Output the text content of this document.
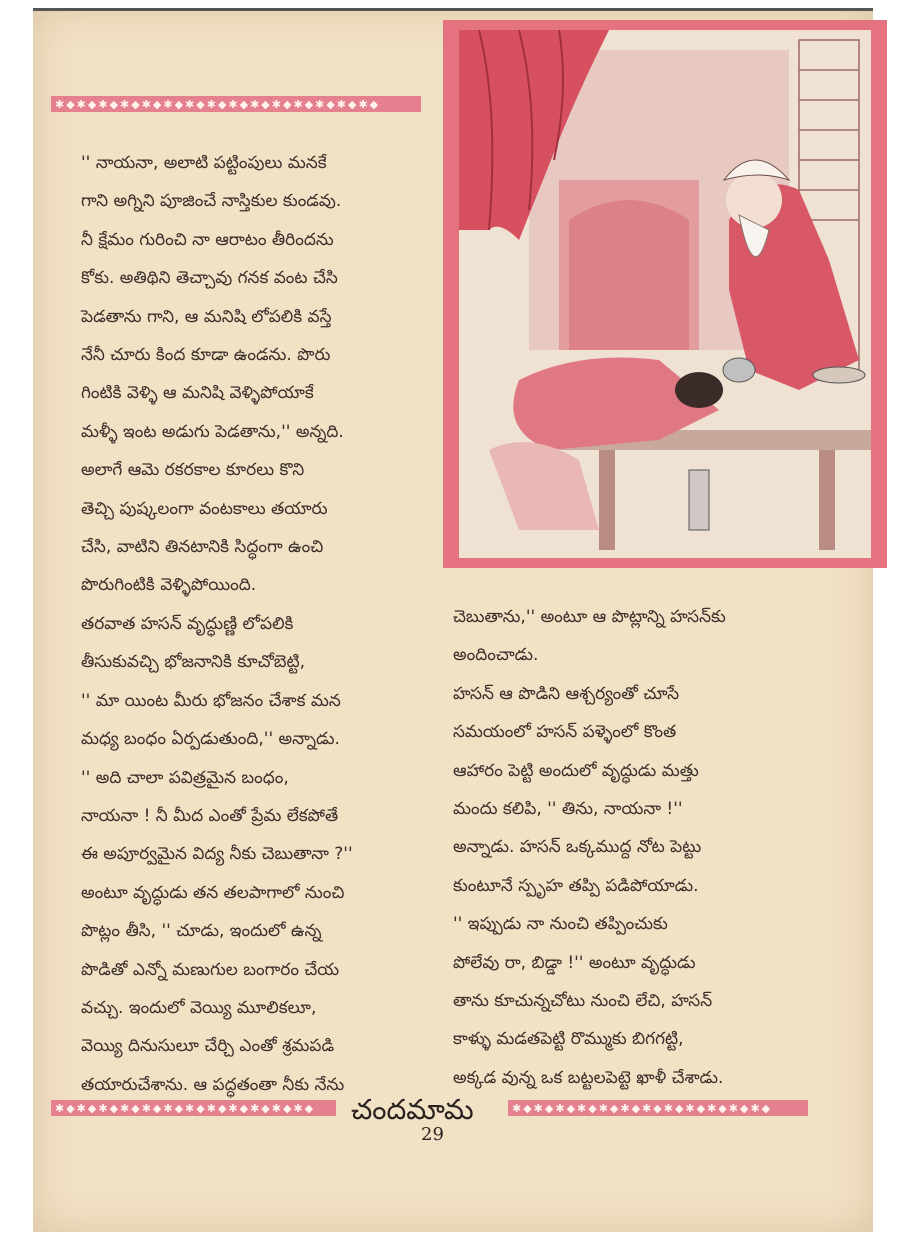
✱◆✱◆✱◆✱◆✱◆✱◆✱◆✱◆✱◆✱◆✱◆✱◆✱◆✱◆✱◆

'' నాయనా, అలాటి పట్టింపులు మనకే

గాని అగ్నిని పూజించే నాస్తికుల కుండవు.

నీ క్షేమం గురించి నా ఆరాటం తీరిందను

కోకు. అతిథిని తెచ్చావు గనక వంట చేసి

పెడతాను గాని, ఆ మనిషి లోపలికి వస్తే

నేనీ చూరు కింద కూడా ఉండను. పొరు

గింటికి వెళ్ళి ఆ మనిషి వెళ్ళిపోయాకే

మళ్ళీ ఇంట అడుగు పెడతాను,'' అన్నది.

అలాగే ఆమె రకరకాల కూరలు కొని

తెచ్చి పుష్కలంగా వంటకాలు తయారు

చేసి, వాటిని తినటానికి సిద్ధంగా ఉంచి

పొరుగింటికి వెళ్ళిపోయింది.

తరవాత హసన్ వృద్ధుణ్ణి లోపలికి

తీసుకువచ్చి భోజనానికి కూచోబెట్టి,

'' మా యింట మీరు భోజనం చేశాక మన

మధ్య బంధం ఏర్పడుతుంది,'' అన్నాడు.

'' అది చాలా పవిత్రమైన బంధం,

నాయనా ! నీ మీద ఎంతో ప్రేమ లేకపోతే

ఈ అపూర్వమైన విద్య నీకు చెబుతానా ?''

అంటూ వృద్ధుడు తన తలపాగాలో నుంచి

పొట్లం తీసి, '' చూడు, ఇందులో ఉన్న

పొడితో ఎన్నో మణుగుల బంగారం చేయ

వచ్చు. ఇందులో వెయ్యి మూలికలూ,

వెయ్యి దినుసులూ చేర్చి ఎంతో శ్రమపడి

తయారుచేశాను. ఆ పద్ధతంతా నీకు నేను

చెబుతాను,'' అంటూ ఆ పొట్లాన్ని హసన్‌కు

అందించాడు.

హసన్ ఆ పొడిని ఆశ్చర్యంతో చూసే

సమయంలో హసన్ పళ్ళెంలో కొంత

ఆహారం పెట్టి అందులో వృద్ధుడు మత్తు

మందు కలిపి, '' తిను, నాయనా !''

అన్నాడు. హసన్ ఒక్కముద్ద నోట పెట్టు

కుంటూనే స్పృహ తప్పి పడిపోయాడు.

'' ఇప్పుడు నా నుంచి తప్పించుకు

పోలేవు రా, బిడ్డా !'' అంటూ వృద్ధుడు

తాను కూచున్నచోటు నుంచి లేచి, హసన్

కాళ్ళు మడతపెట్టి రొమ్ముకు బిగగట్టి,

అక్కడ వున్న ఒక బట్టలపెట్టె ఖాళీ చేశాడు.

✱◆✱◆✱◆✱◆✱◆✱◆✱◆✱◆✱◆✱◆✱◆✱◆ చందమామ	✱◆✱◆✱◆✱◆✱◆✱◆✱◆✱◆✱◆✱◆✱◆✱◆
29
